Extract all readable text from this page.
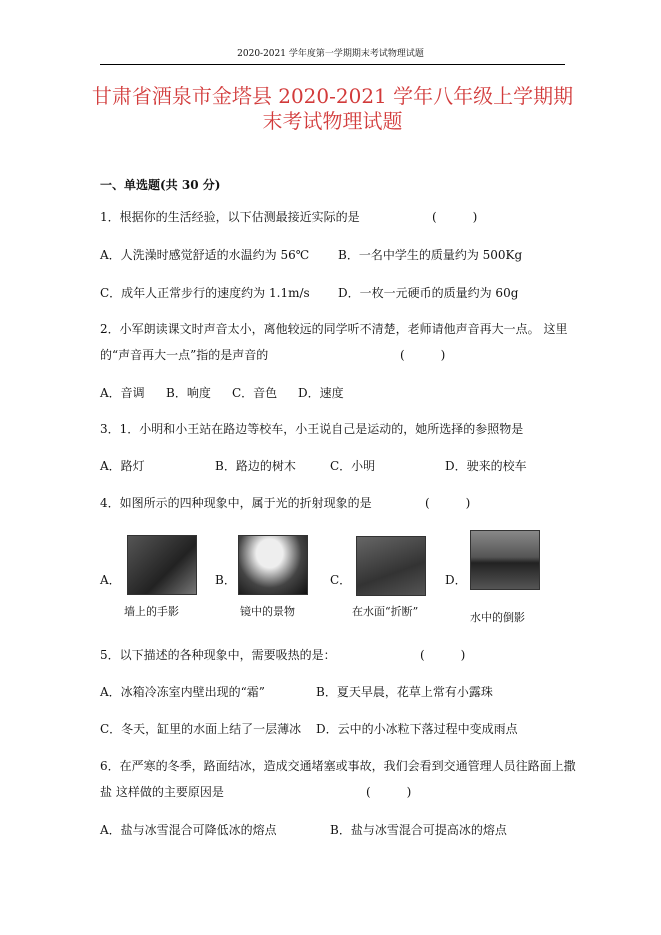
2020-2021 学年度第一学期期末考试物理试题
甘肃省酒泉市金塔县 2020-2021 学年八年级上学期期
末考试物理试题
一、单选题(共 30 分)
1．根据你的生活经验，以下估测最接近实际的是	(　　　)
A．人洗澡时感觉舒适的水温约为 56℃ B．一名中学生的质量约为 500Kg
C．成年人正常步行的速度约为 1.1m/s D．一枚一元硬币的质量约为 60g
2．小军朗读课文时声音太小，离他较远的同学听不清楚，老师请他声音再大一点。 这里
的“声音再大一点”指的是声音的	(　　　)
A．音调 B．响度 C．音色 D．速度
3．1．小明和小王站在路边等校车，小王说自己是运动的，她所选择的参照物是
A．路灯	B．路边的树木	C．小明	D．驶来的校车
4．如图所示的四种现象中，属于光的折射现象的是	(　　　)
A．
墙上的手影
B．
镜中的景物
C．
在水面“折断”
D．
水中的倒影
5．以下描述的各种现象中，需要吸热的是：	(　　　)
A．冰箱冷冻室内壁出现的“霜”	B．夏天早晨，花草上常有小露珠
C．冬天，缸里的水面上结了一层薄冰 D．云中的小冰粒下落过程中变成雨点
6．在严寒的冬季，路面结冰，造成交通堵塞或事故，我们会看到交通管理人员往路面上撒
盐 这样做的主要原因是	(　　　)
A．盐与冰雪混合可降低冰的熔点	B．盐与冰雪混合可提高冰的熔点
